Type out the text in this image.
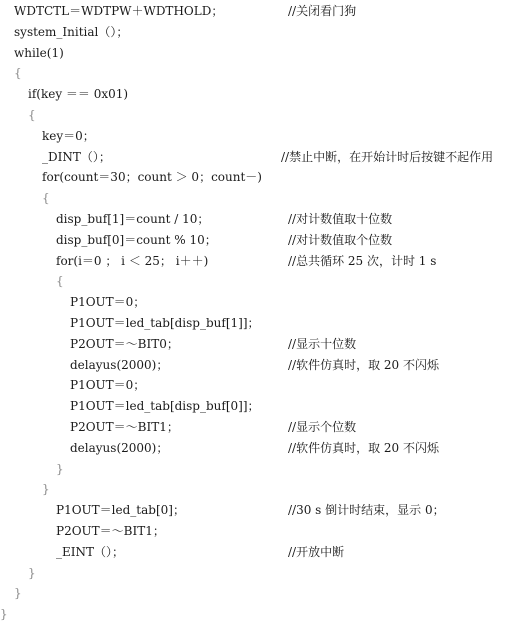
WDTCTL＝WDTPW＋WDTHOLD；	//关闭看门狗
system_Initial（）；
while(1)
{
if(key ＝＝ 0x01)
{
key＝0；
_DINT（）；	//禁止中断，在开始计时后按键不起作用
for(count＝30；count ＞ 0；count－)
{
disp_buf[1]＝count / 10；	//对计数值取十位数
disp_buf[0]＝count % 10；	//对计数值取个位数
for(i＝0 ； i ＜ 25； i＋＋)	//总共循环 25 次，计时 1 s
{
P1OUT＝0；
P1OUT＝led_tab[disp_buf[1]]；
P2OUT＝～BIT0；	//显示十位数
delayus(2000)；	//软件仿真时，取 20 不闪烁
P1OUT＝0；
P1OUT＝led_tab[disp_buf[0]]；
P2OUT＝～BIT1；	//显示个位数
delayus(2000)；	//软件仿真时，取 20 不闪烁
}
}
P1OUT＝led_tab[0]；	//30 s 倒计时结束，显示 0；
P2OUT＝～BIT1；
_EINT（）；	//开放中断
}
}
}
